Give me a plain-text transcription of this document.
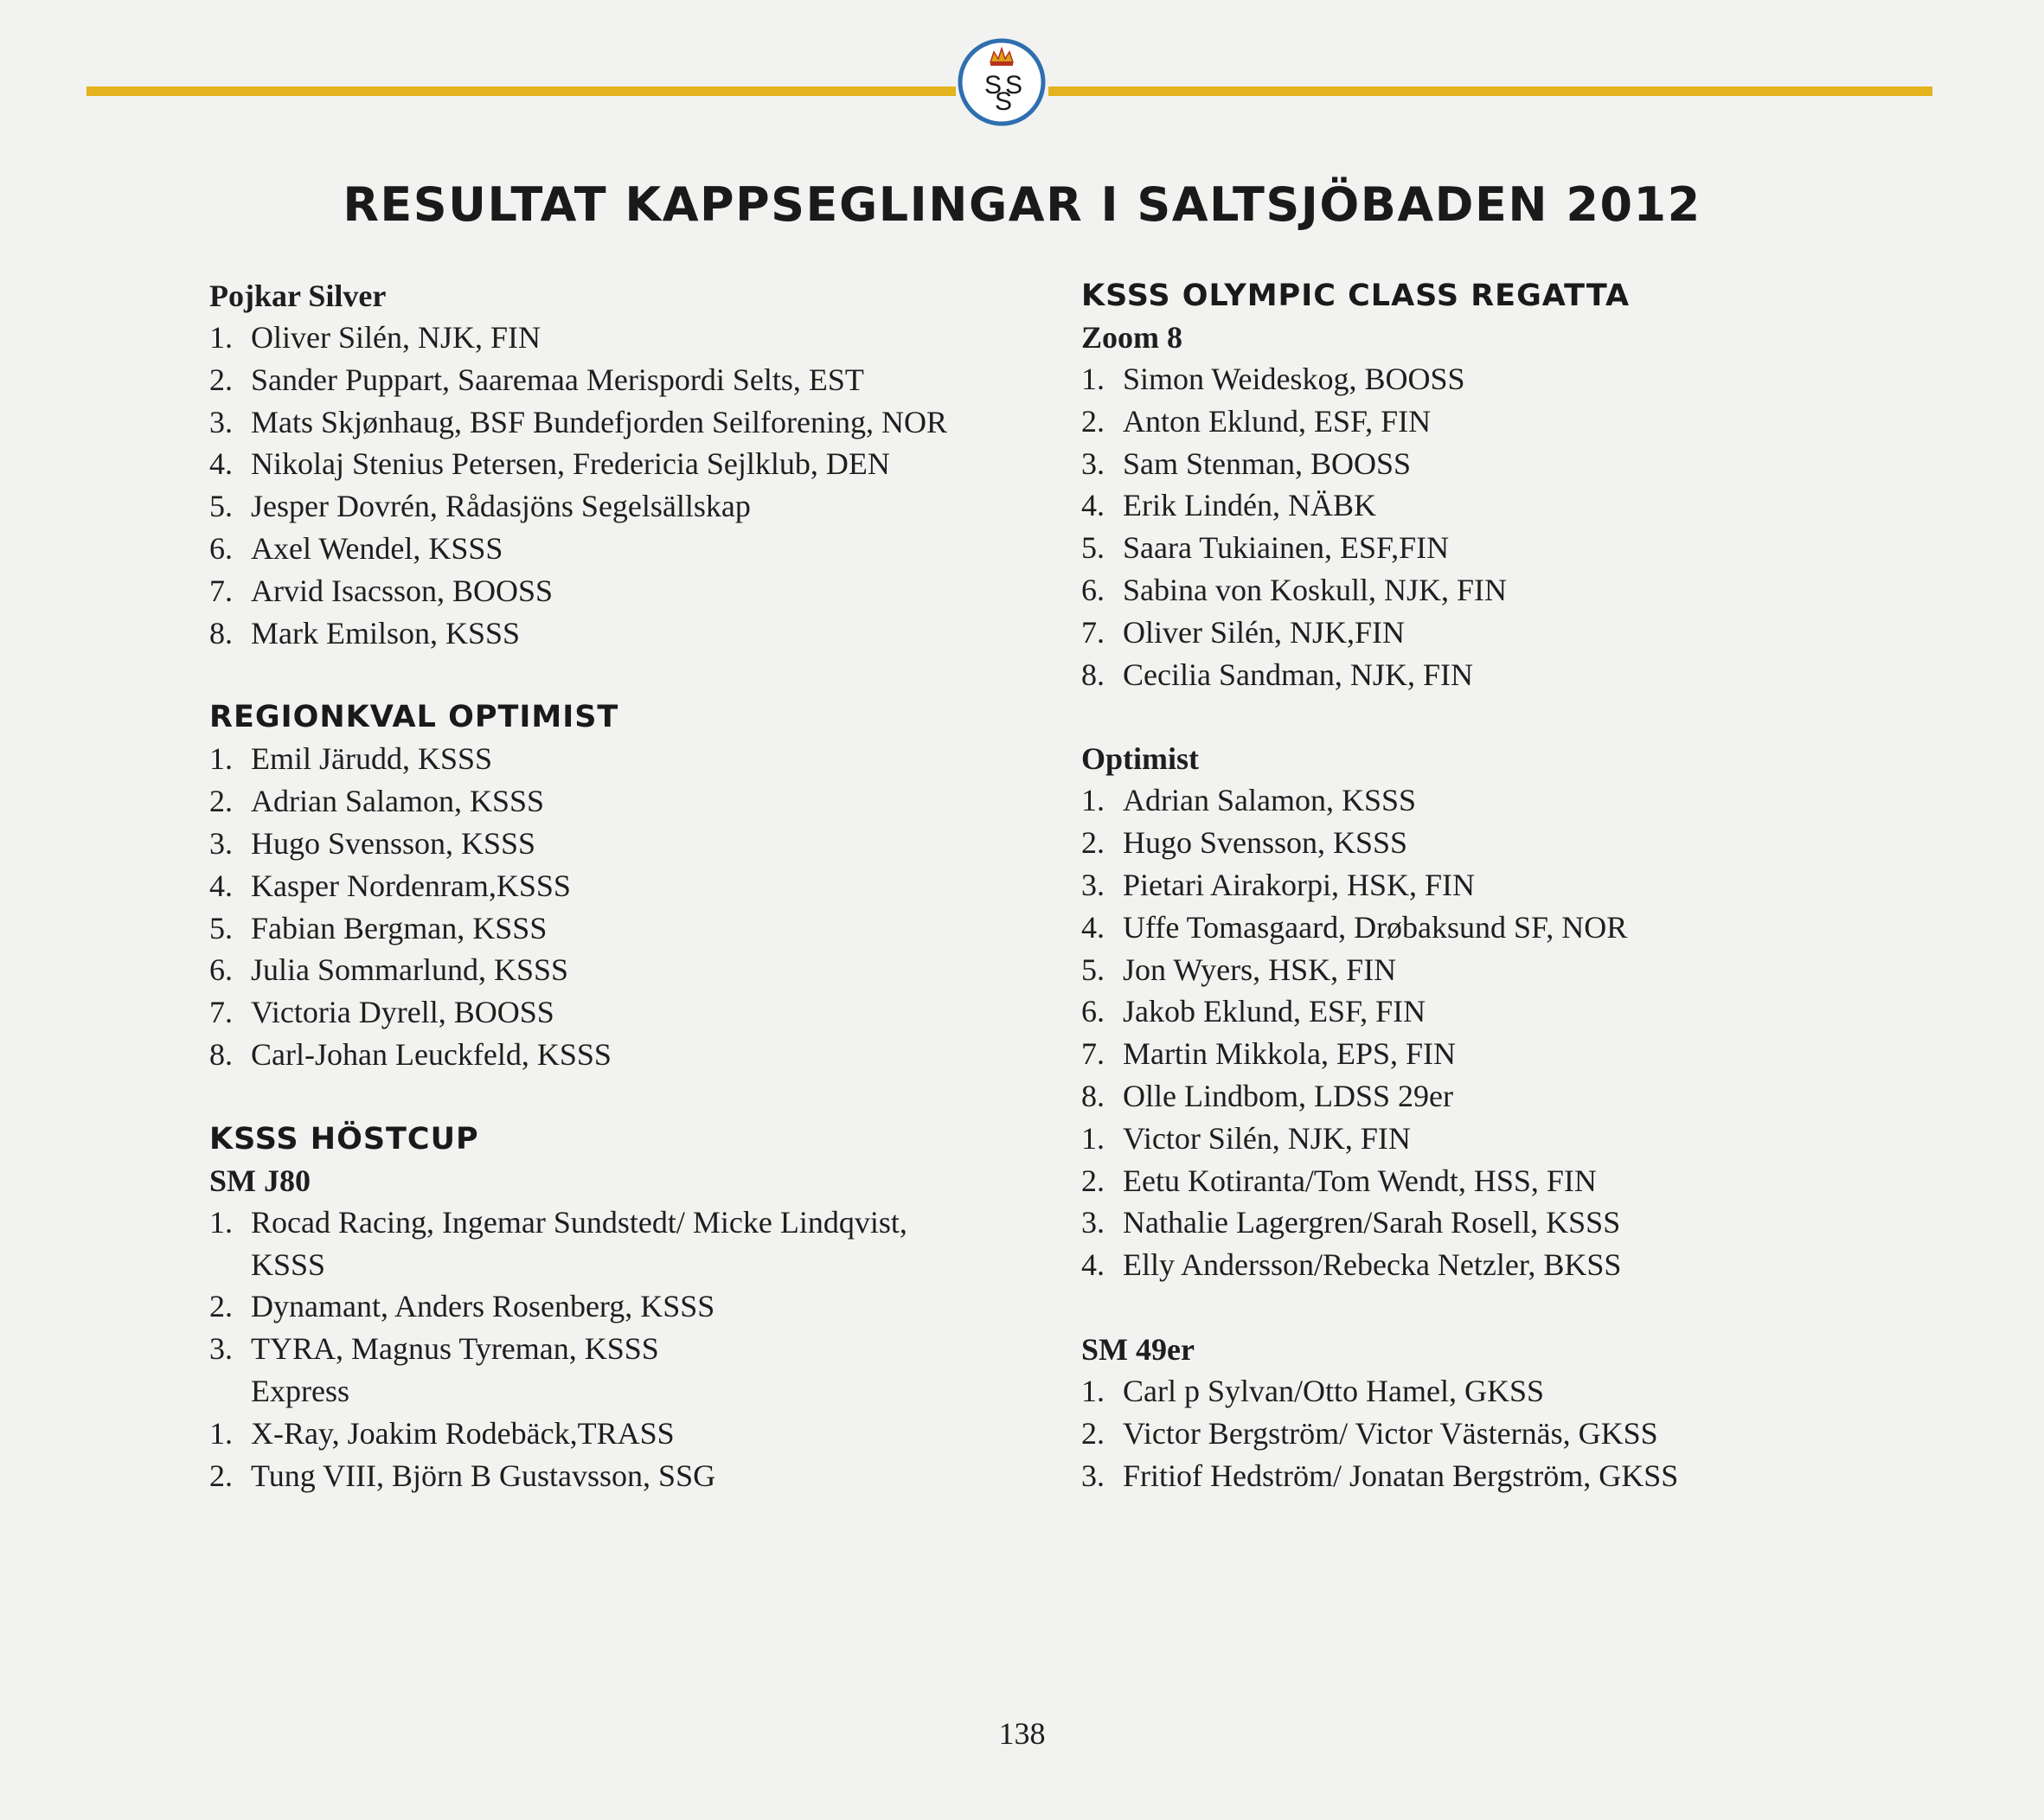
S S
S
RESULTAT KAPPSEGLINGAR I SALTSJÖBADEN 2012

Pojkar Silver

1. Oliver Silén, NJK, FIN
2. Sander Puppart, Saaremaa Merispordi Selts, EST
3. Mats Skjønhaug, BSF Bundefjorden Seilforening, NOR
4. Nikolaj Stenius Petersen, Fredericia Sejlklub, DEN
5. Jesper Dovrén, Rådasjöns Segelsällskap
6. Axel Wendel, KSSS
7. Arvid Isacsson, BOOSS
8. Mark Emilson, KSSS

REGIONKVAL OPTIMIST

1. Emil Järudd, KSSS
2. Adrian Salamon, KSSS
3. Hugo Svensson, KSSS
4. Kasper Nordenram,KSSS
5. Fabian Bergman, KSSS
6. Julia Sommarlund, KSSS
7. Victoria Dyrell, BOOSS
8. Carl-Johan Leuckfeld, KSSS

KSSS HÖSTCUP

SM J80

1. Rocad Racing, Ingemar Sundstedt/ Micke Lindqvist, KSSS
2. Dynamant, Anders Rosenberg, KSSS
3. TYRA, Magnus Tyreman, KSSS
Express
1. X-Ray, Joakim Rodebäck,TRASS
2. Tung VIII, Björn B Gustavsson, SSG

KSSS OLYMPIC CLASS REGATTA

Zoom 8

1. Simon Weideskog, BOOSS
2. Anton Eklund, ESF, FIN
3. Sam Stenman, BOOSS
4. Erik Lindén, NÄBK
5. Saara Tukiainen, ESF,FIN
6. Sabina von Koskull, NJK, FIN
7. Oliver Silén, NJK,FIN
8. Cecilia Sandman, NJK, FIN

Optimist

1. Adrian Salamon, KSSS
2. Hugo Svensson, KSSS
3. Pietari Airakorpi, HSK, FIN
4. Uffe Tomasgaard, Drøbaksund SF, NOR
5. Jon Wyers, HSK, FIN
6. Jakob Eklund, ESF, FIN
7. Martin Mikkola, EPS, FIN
8. Olle Lindbom, LDSS 29er
1. Victor Silén, NJK, FIN
2. Eetu Kotiranta/Tom Wendt, HSS, FIN
3. Nathalie Lagergren/Sarah Rosell, KSSS
4. Elly Andersson/Rebecka Netzler, BKSS

SM 49er

1. Carl p Sylvan/Otto Hamel, GKSS
2. Victor Bergström/ Victor Västernäs, GKSS
3. Fritiof Hedström/ Jonatan Bergström, GKSS
138
